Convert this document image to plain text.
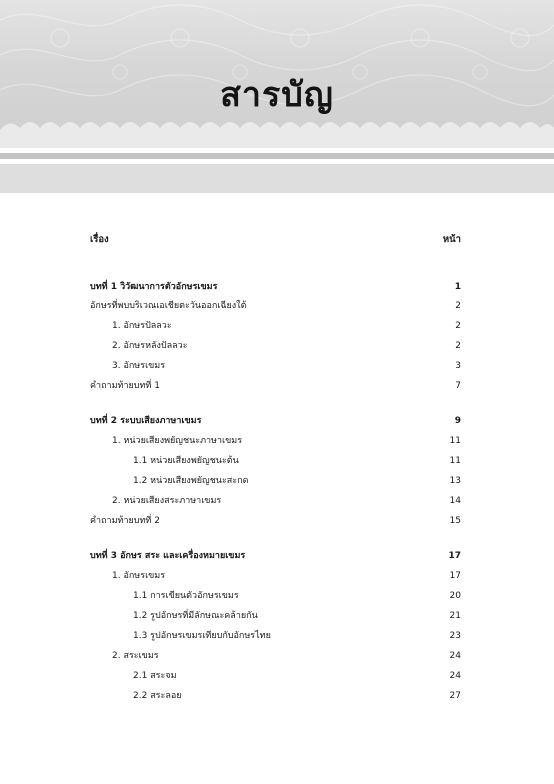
สารบัญ
เรื่อง	หน้า
บทที่ 1 วิวัฒนาการตัวอักษรเขมร	1
อักษรที่พบบริเวณเอเชียตะวันออกเฉียงใต้	2
1. อักษรปัลลวะ	2
2. อักษรหลังปัลลวะ	2
3. อักษรเขมร	3
คำถามท้ายบทที่ 1	7
บทที่ 2 ระบบเสียงภาษาเขมร	9
1. หน่วยเสียงพยัญชนะภาษาเขมร	11
1.1 หน่วยเสียงพยัญชนะต้น	11
1.2 หน่วยเสียงพยัญชนะสะกด	13
2. หน่วยเสียงสระภาษาเขมร	14
คำถามท้ายบทที่ 2	15
บทที่ 3 อักษร สระ และเครื่องหมายเขมร	17
1. อักษรเขมร	17
1.1 การเขียนตัวอักษรเขมร	20
1.2 รูปอักษรที่มีลักษณะคล้ายกัน	21
1.3 รูปอักษรเขมรเทียบกับอักษรไทย	23
2. สระเขมร	24
2.1 สระจม	24
2.2 สระลอย	27
